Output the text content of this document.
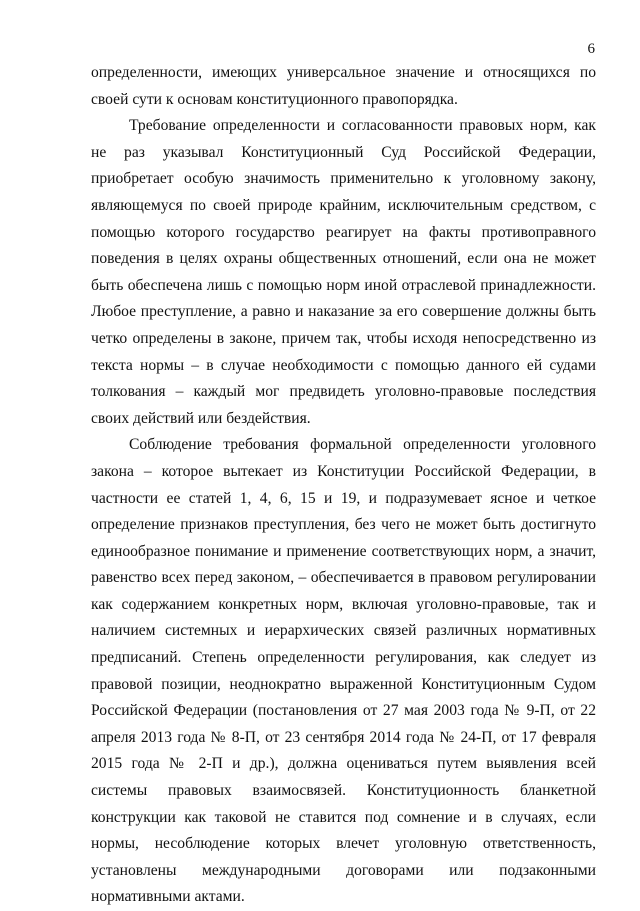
6

определенности, имеющих универсальное значение и относящихся по своей сути к основам конституционного правопорядка.

Требование определенности и согласованности правовых норм, как не раз указывал Конституционный Суд Российской Федерации, приобретает особую значимость применительно к уголовному закону, являющемуся по своей природе крайним, исключительным средством, с помощью которого государство реагирует на факты противоправного поведения в целях охраны общественных отношений, если она не может быть обеспечена лишь с помощью норм иной отраслевой принадлежности. Любое преступление, а равно и наказание за его совершение должны быть четко определены в законе, причем так, чтобы исходя непосредственно из текста нормы – в случае необходимости с помощью данного ей судами толкования – каждый мог предвидеть уголовно-правовые последствия своих действий или бездействия.

Соблюдение требования формальной определенности уголовного закона – которое вытекает из Конституции Российской Федерации, в частности ее статей 1, 4, 6, 15 и 19, и подразумевает ясное и четкое определение признаков преступления, без чего не может быть достигнуто единообразное понимание и применение соответствующих норм, а значит, равенство всех перед законом, – обеспечивается в правовом регулировании как содержанием конкретных норм, включая уголовно-правовые, так и наличием системных и иерархических связей различных нормативных предписаний. Степень определенности регулирования, как следует из правовой позиции, неоднократно выраженной Конституционным Судом Российской Федерации (постановления от 27 мая 2003 года № 9-П, от 22 апреля 2013 года № 8-П, от 23 сентября 2014 года № 24-П, от 17 февраля 2015 года № 2-П и др.), должна оцениваться путем выявления всей системы правовых взаимосвязей. Конституционность бланкетной конструкции как таковой не ставится под сомнение и в случаях, если нормы, несоблюдение которых влечет уголовную ответственность, установлены международными договорами или подзаконными нормативными актами.
